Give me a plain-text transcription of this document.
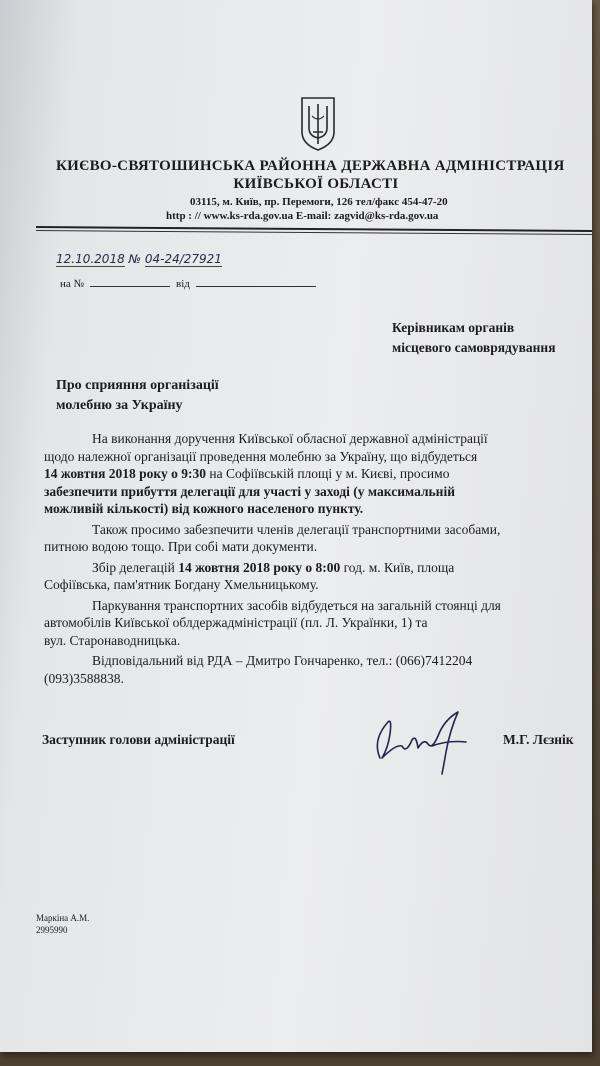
КИЄВО-СВЯТОШИНСЬКА РАЙОННА ДЕРЖАВНА АДМІНІСТРАЦІЯ
КИЇВСЬКОЇ ОБЛАСТІ
03115, м. Київ, пр. Перемоги, 126 тел/факс 454-47-20
http : // www.ks-rda.gov.ua E-mail: zagvid@ks-rda.gov.ua
12.10.2018 № 04-24/27921
на №	від
Керівникам органів
місцевого самоврядування
Про сприяння організації
молебню за Україну

На виконання доручення Київської обласної державної адміністрації

щодо належної організації проведення молебню за Україну, що відбудеться

14 жовтня 2018 року о 9:30 на Софіївській площі у м. Києві, просимо

забезпечити прибуття делегації для участі у заході (у максимальній

можливій кількості) від кожного населеного пункту.

Також просимо забезпечити членів делегації транспортними засобами,

питною водою тощо. При собі мати документи.

Збір делегацій 14 жовтня 2018 року о 8:00 год. м. Київ, площа

Софіївська, пам'ятник Богдану Хмельницькому.

Паркування транспортних засобів відбудеться на загальній стоянці для

автомобілів Київської облдержадміністрації (пл. Л. Українки, 1) та

вул. Старонаводницька.

Відповідальний від РДА – Дмитро Гончаренко, тел.: (066)7412204

(093)3588838.

Заступник голови адміністрації	М.Г. Лєзнік
Маркіна А.М.
2995990
